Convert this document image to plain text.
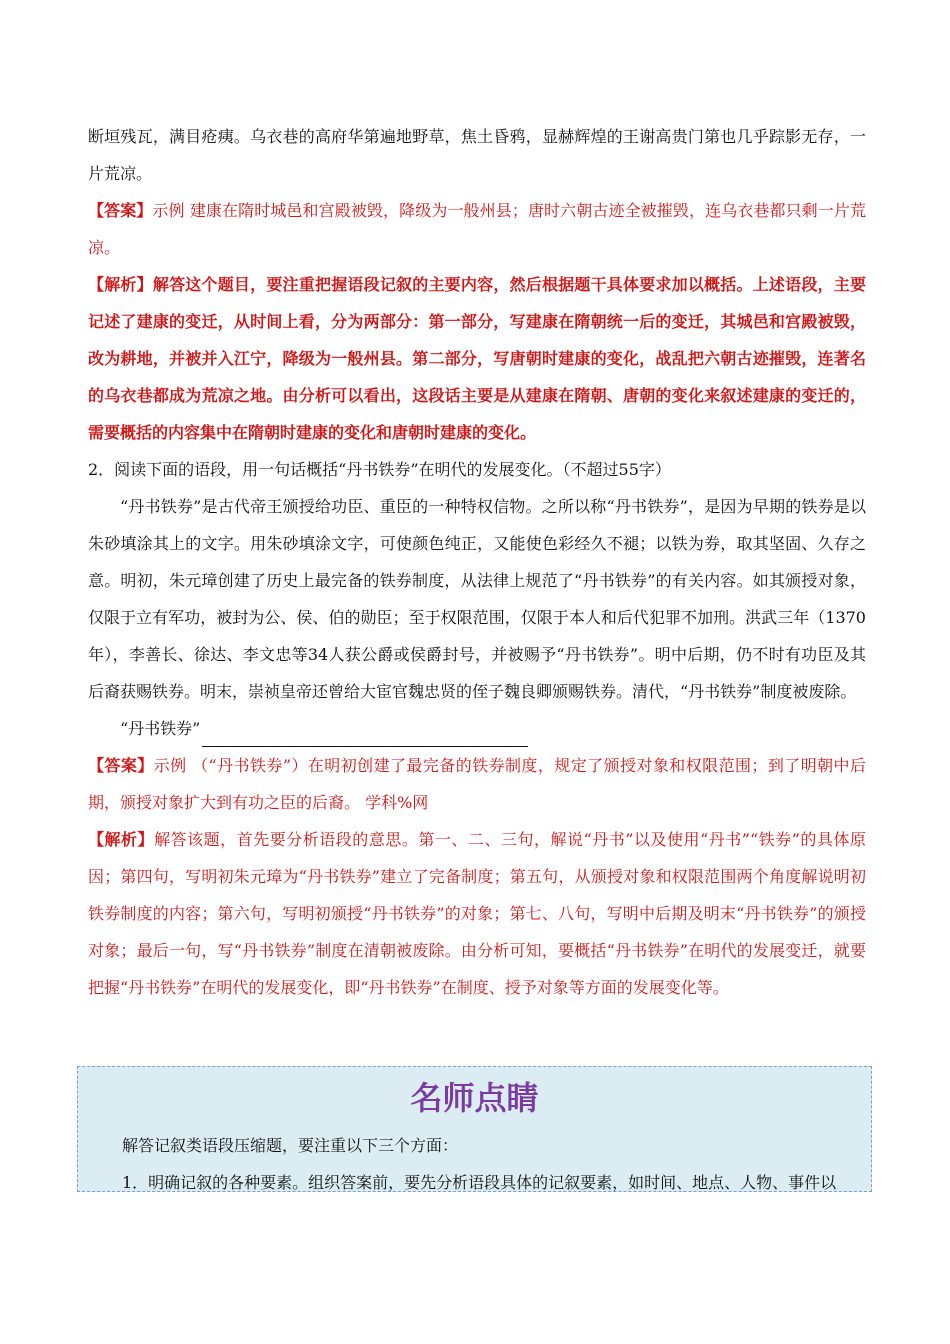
断垣残瓦，满目疮痍。乌衣巷的高府华第遍地野草，焦土昏鸦，显赫辉煌的王谢高贵门第也几乎踪影无存，一片荒凉。

【答案】示例 建康在隋时城邑和宫殿被毁，降级为一般州县；唐时六朝古迹全被摧毁，连乌衣巷都只剩一片荒凉。

【解析】解答这个题目，要注重把握语段记叙的主要内容，然后根据题干具体要求加以概括。上述语段，主要记述了建康的变迁，从时间上看，分为两部分：第一部分，写建康在隋朝统一后的变迁，其城邑和宫殿被毁，改为耕地，并被并入江宁，降级为一般州县。第二部分，写唐朝时建康的变化，战乱把六朝古迹摧毁，连著名的乌衣巷都成为荒凉之地。由分析可以看出，这段话主要是从建康在隋朝、唐朝的变化来叙述建康的变迁的，需要概括的内容集中在隋朝时建康的变化和唐朝时建康的变化。

2．阅读下面的语段，用一句话概括“丹书铁券”在明代的发展变化。（不超过55字）

“丹书铁券”是古代帝王颁授给功臣、重臣的一种特权信物。之所以称“丹书铁券”，是因为早期的铁券是以朱砂填涂其上的文字。用朱砂填涂文字，可使颜色纯正，又能使色彩经久不褪；以铁为券，取其坚固、久存之意。明初，朱元璋创建了历史上最完备的铁券制度，从法律上规范了“丹书铁券”的有关内容。如其颁授对象，仅限于立有军功，被封为公、侯、伯的勋臣；至于权限范围，仅限于本人和后代犯罪不加刑。洪武三年（1370年），李善长、徐达、李文忠等34人获公爵或侯爵封号，并被赐予“丹书铁券”。明中后期，仍不时有功臣及其后裔获赐铁券。明末，崇祯皇帝还曾给大宦官魏忠贤的侄子魏良卿颁赐铁券。清代，“丹书铁券”制度被废除。

“丹书铁券”

【答案】示例 （“丹书铁券”）在明初创建了最完备的铁券制度，规定了颁授对象和权限范围；到了明朝中后期，颁授对象扩大到有功之臣的后裔。 学科%网

【解析】解答该题，首先要分析语段的意思。第一、二、三句，解说“丹书”以及使用“丹书”“铁券”的具体原因；第四句，写明初朱元璋为“丹书铁券”建立了完备制度；第五句，从颁授对象和权限范围两个角度解说明初铁券制度的内容；第六句，写明初颁授“丹书铁券”的对象；第七、八句，写明中后期及明末“丹书铁券”的颁授对象；最后一句，写“丹书铁券”制度在清朝被废除。由分析可知，要概括“丹书铁券”在明代的发展变迁，就要把握“丹书铁券”在明代的发展变化，即“丹书铁券”在制度、授予对象等方面的发展变化等。

名师点睛

解答记叙类语段压缩题，要注重以下三个方面：

1．明确记叙的各种要素。组织答案前，要先分析语段具体的记叙要素，如时间、地点、人物、事件以
